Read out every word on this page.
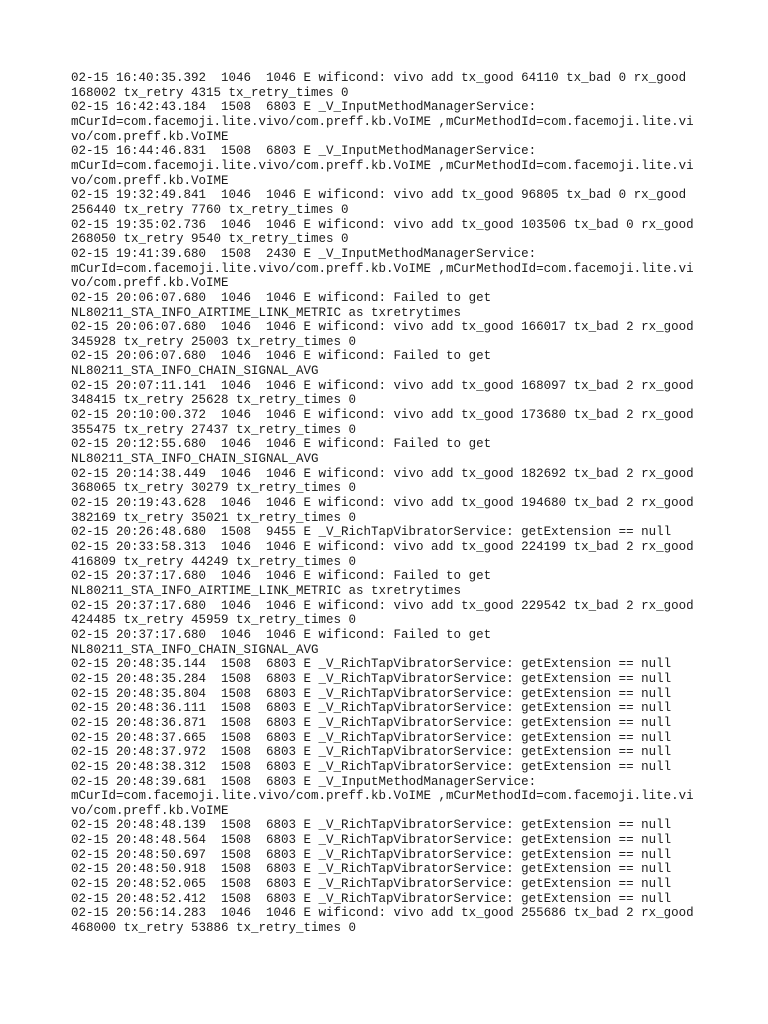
02-15 16:40:35.392  1046  1046 E wificond: vivo add tx_good 64110 tx_bad 0 rx_good
168002 tx_retry 4315 tx_retry_times 0
02-15 16:42:43.184  1508  6803 E _V_InputMethodManagerService:
mCurId=com.facemoji.lite.vivo/com.preff.kb.VoIME ,mCurMethodId=com.facemoji.lite.vi
vo/com.preff.kb.VoIME
02-15 16:44:46.831  1508  6803 E _V_InputMethodManagerService:
mCurId=com.facemoji.lite.vivo/com.preff.kb.VoIME ,mCurMethodId=com.facemoji.lite.vi
vo/com.preff.kb.VoIME
02-15 19:32:49.841  1046  1046 E wificond: vivo add tx_good 96805 tx_bad 0 rx_good
256440 tx_retry 7760 tx_retry_times 0
02-15 19:35:02.736  1046  1046 E wificond: vivo add tx_good 103506 tx_bad 0 rx_good
268050 tx_retry 9540 tx_retry_times 0
02-15 19:41:39.680  1508  2430 E _V_InputMethodManagerService:
mCurId=com.facemoji.lite.vivo/com.preff.kb.VoIME ,mCurMethodId=com.facemoji.lite.vi
vo/com.preff.kb.VoIME
02-15 20:06:07.680  1046  1046 E wificond: Failed to get
NL80211_STA_INFO_AIRTIME_LINK_METRIC as txretrytimes
02-15 20:06:07.680  1046  1046 E wificond: vivo add tx_good 166017 tx_bad 2 rx_good
345928 tx_retry 25003 tx_retry_times 0
02-15 20:06:07.680  1046  1046 E wificond: Failed to get
NL80211_STA_INFO_CHAIN_SIGNAL_AVG
02-15 20:07:11.141  1046  1046 E wificond: vivo add tx_good 168097 tx_bad 2 rx_good
348415 tx_retry 25628 tx_retry_times 0
02-15 20:10:00.372  1046  1046 E wificond: vivo add tx_good 173680 tx_bad 2 rx_good
355475 tx_retry 27437 tx_retry_times 0
02-15 20:12:55.680  1046  1046 E wificond: Failed to get
NL80211_STA_INFO_CHAIN_SIGNAL_AVG
02-15 20:14:38.449  1046  1046 E wificond: vivo add tx_good 182692 tx_bad 2 rx_good
368065 tx_retry 30279 tx_retry_times 0
02-15 20:19:43.628  1046  1046 E wificond: vivo add tx_good 194680 tx_bad 2 rx_good
382169 tx_retry 35021 tx_retry_times 0
02-15 20:26:48.680  1508  9455 E _V_RichTapVibratorService: getExtension == null
02-15 20:33:58.313  1046  1046 E wificond: vivo add tx_good 224199 tx_bad 2 rx_good
416809 tx_retry 44249 tx_retry_times 0
02-15 20:37:17.680  1046  1046 E wificond: Failed to get
NL80211_STA_INFO_AIRTIME_LINK_METRIC as txretrytimes
02-15 20:37:17.680  1046  1046 E wificond: vivo add tx_good 229542 tx_bad 2 rx_good
424485 tx_retry 45959 tx_retry_times 0
02-15 20:37:17.680  1046  1046 E wificond: Failed to get
NL80211_STA_INFO_CHAIN_SIGNAL_AVG
02-15 20:48:35.144  1508  6803 E _V_RichTapVibratorService: getExtension == null
02-15 20:48:35.284  1508  6803 E _V_RichTapVibratorService: getExtension == null
02-15 20:48:35.804  1508  6803 E _V_RichTapVibratorService: getExtension == null
02-15 20:48:36.111  1508  6803 E _V_RichTapVibratorService: getExtension == null
02-15 20:48:36.871  1508  6803 E _V_RichTapVibratorService: getExtension == null
02-15 20:48:37.665  1508  6803 E _V_RichTapVibratorService: getExtension == null
02-15 20:48:37.972  1508  6803 E _V_RichTapVibratorService: getExtension == null
02-15 20:48:38.312  1508  6803 E _V_RichTapVibratorService: getExtension == null
02-15 20:48:39.681  1508  6803 E _V_InputMethodManagerService:
mCurId=com.facemoji.lite.vivo/com.preff.kb.VoIME ,mCurMethodId=com.facemoji.lite.vi
vo/com.preff.kb.VoIME
02-15 20:48:48.139  1508  6803 E _V_RichTapVibratorService: getExtension == null
02-15 20:48:48.564  1508  6803 E _V_RichTapVibratorService: getExtension == null
02-15 20:48:50.697  1508  6803 E _V_RichTapVibratorService: getExtension == null
02-15 20:48:50.918  1508  6803 E _V_RichTapVibratorService: getExtension == null
02-15 20:48:52.065  1508  6803 E _V_RichTapVibratorService: getExtension == null
02-15 20:48:52.412  1508  6803 E _V_RichTapVibratorService: getExtension == null
02-15 20:56:14.283  1046  1046 E wificond: vivo add tx_good 255686 tx_bad 2 rx_good
468000 tx_retry 53886 tx_retry_times 0
